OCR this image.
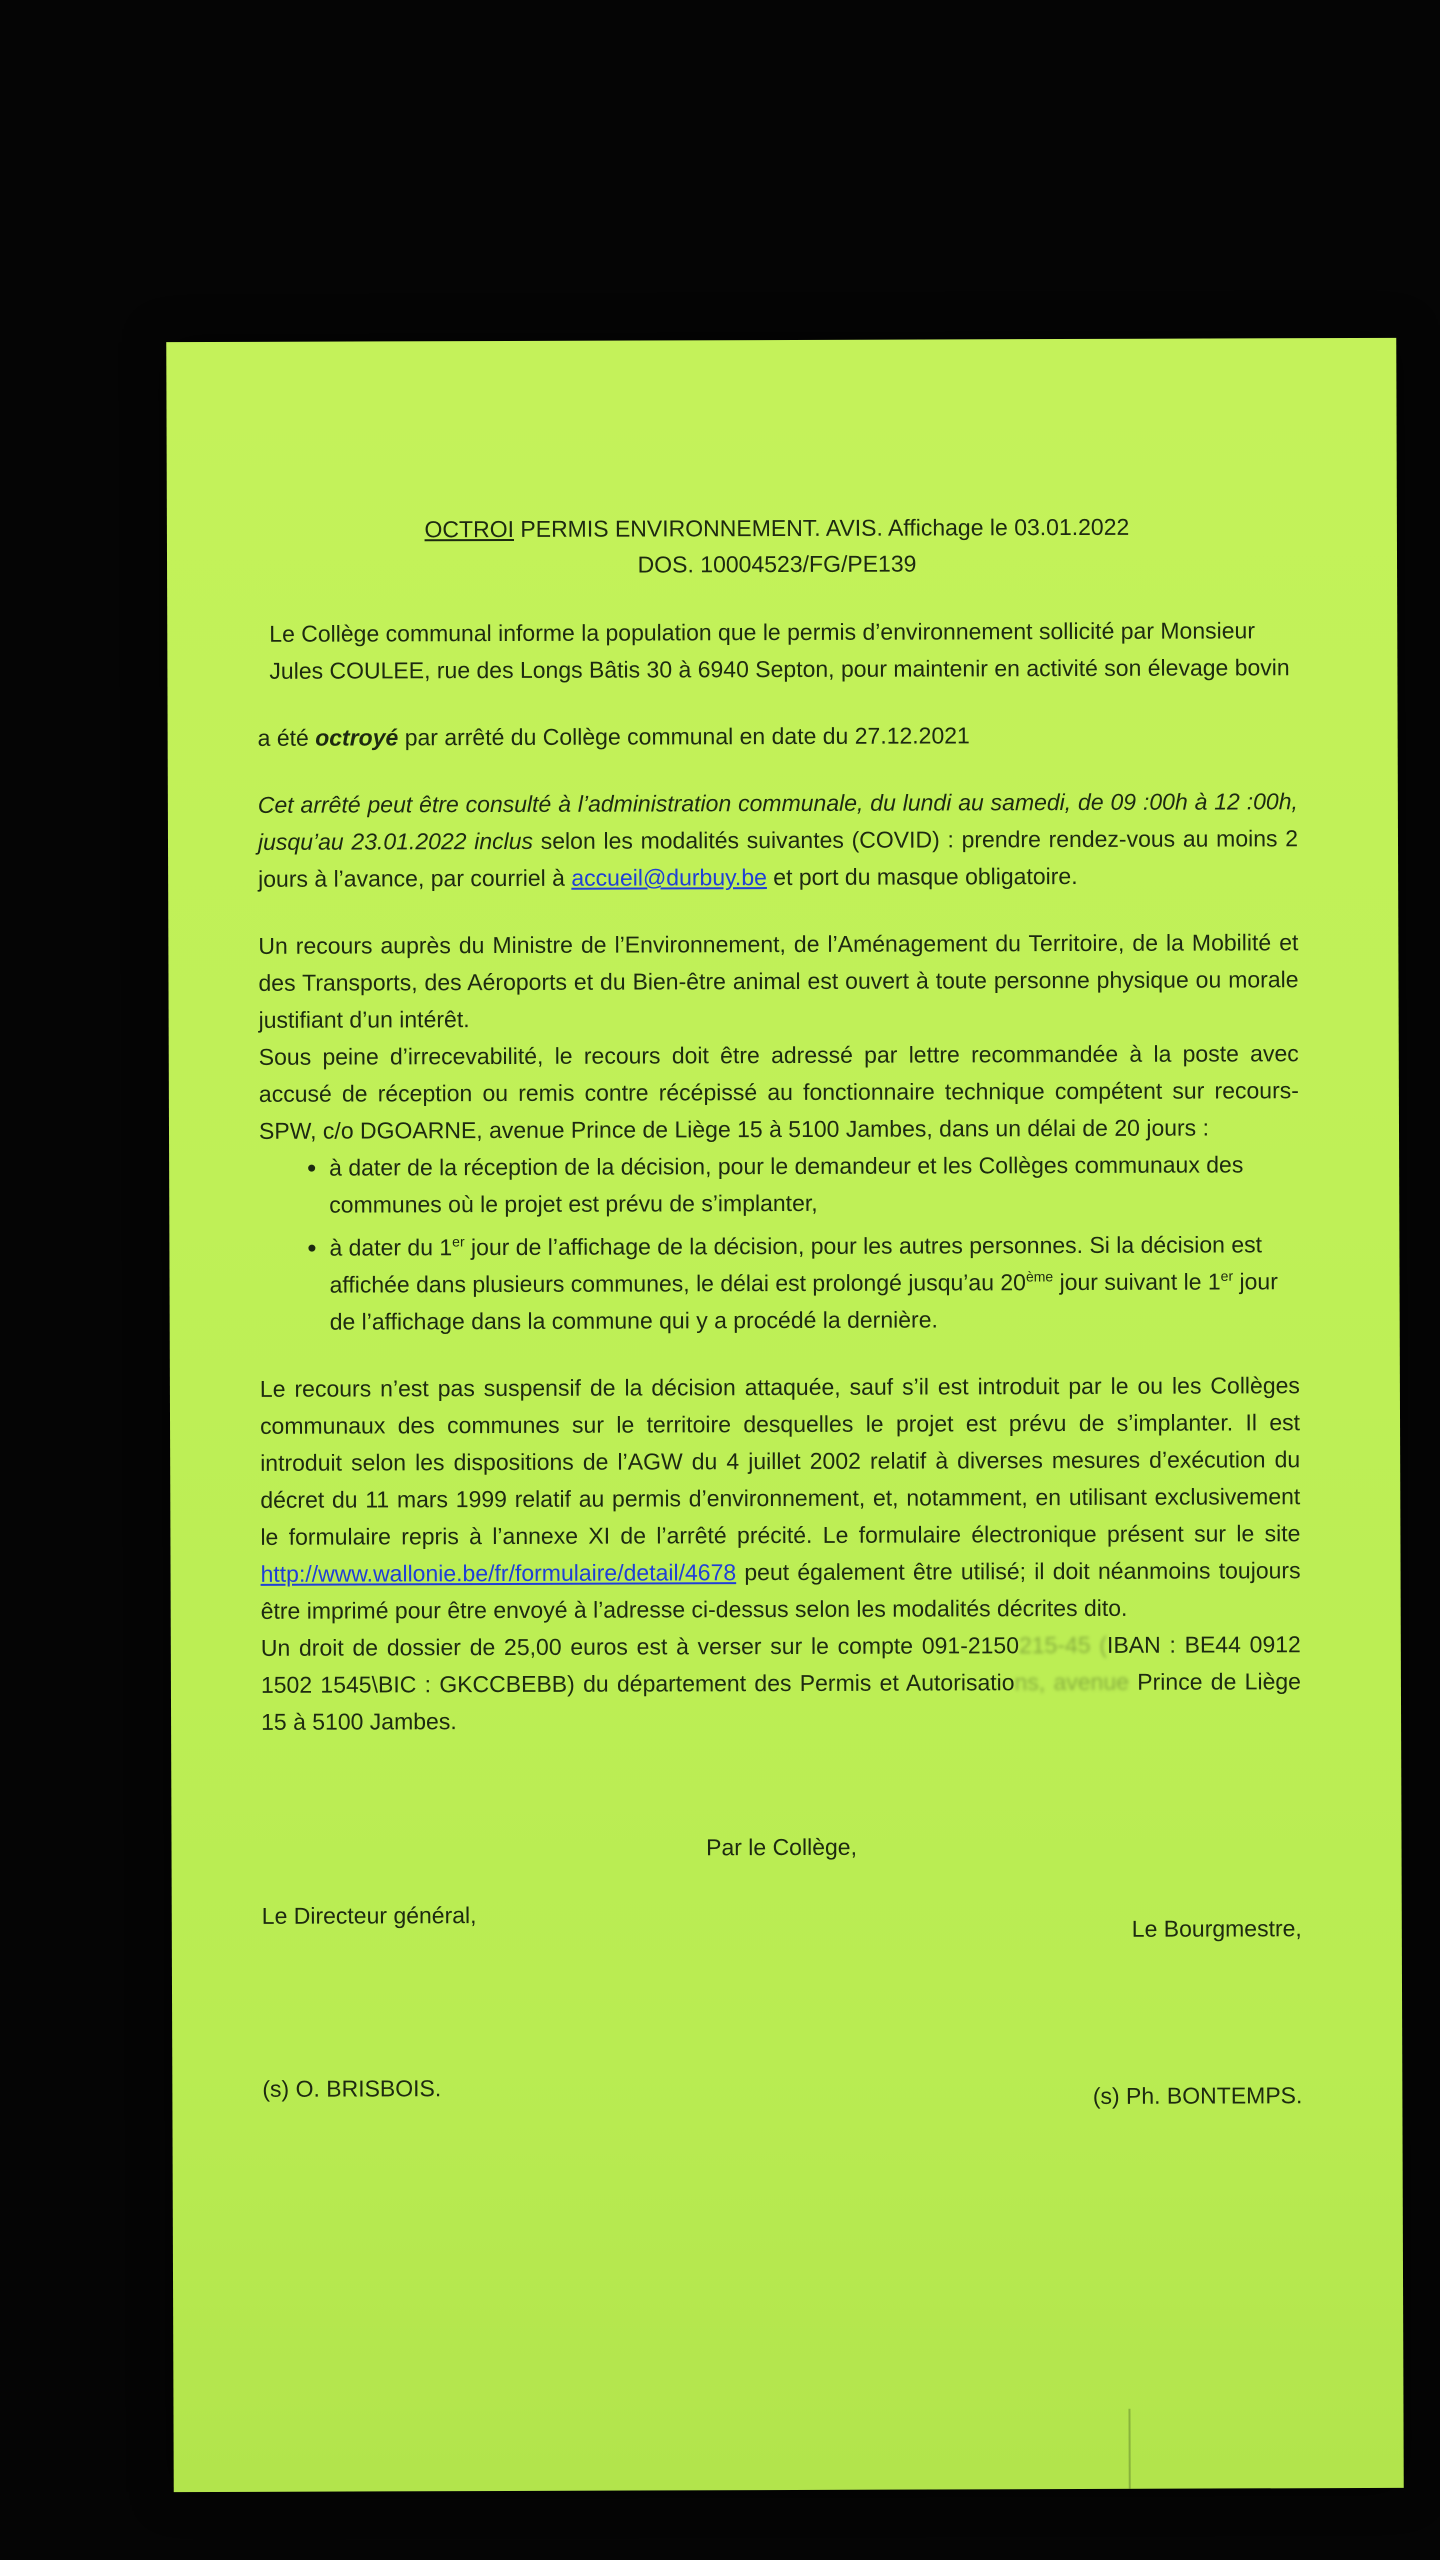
OCTROI PERMIS ENVIRONNEMENT. AVIS. Affichage le 03.01.2022
DOS. 10004523/FG/PE139

Le Collège communal informe la population que le permis d’environnement sollicité par Monsieur Jules COULEE, rue des Longs Bâtis 30 à 6940 Septon, pour maintenir en activité son élevage bovin

a été octroyé par arrêté du Collège communal en date du 27.12.2021

Cet arrêté peut être consulté à l’administration communale, du lundi au samedi, de 09 :00h à 12 :00h, jusqu’au 23.01.2022 inclus selon les modalités suivantes (COVID) : prendre rendez-vous au moins 2 jours à l’avance, par courriel à accueil@durbuy.be et port du masque obligatoire.

Un recours auprès du Ministre de l’Environnement, de l’Aménagement du Territoire, de la Mobilité et des Transports, des Aéroports et du Bien-être animal est ouvert à toute personne physique ou morale justifiant d’un intérêt.

Sous peine d’irrecevabilité, le recours doit être adressé par lettre recommandée à la poste avec accusé de réception ou remis contre récépissé au fonctionnaire technique compétent sur recours-SPW, c/o DGOARNE, avenue Prince de Liège 15 à 5100 Jambes, dans un délai de 20 jours :

• à dater de la réception de la décision, pour le demandeur et les Collèges communaux des communes où le projet est prévu de s’implanter,
• à dater du 1er jour de l’affichage de la décision, pour les autres personnes. Si la décision est affichée dans plusieurs communes, le délai est prolongé jusqu’au 20ème jour suivant le 1er jour de l’affichage dans la commune qui y a procédé la dernière.

Le recours n’est pas suspensif de la décision attaquée, sauf s’il est introduit par le ou les Collèges communaux des communes sur le territoire desquelles le projet est prévu de s’implanter. Il est introduit selon les dispositions de l’AGW du 4 juillet 2002 relatif à diverses mesures d’exécution du décret du 11 mars 1999 relatif au permis d’environnement, et, notamment, en utilisant exclusivement le formulaire repris à l’annexe XI de l’arrêté précité. Le formulaire électronique présent sur le site http://www.wallonie.be/fr/formulaire/detail/4678 peut également être utilisé; il doit néanmoins toujours être imprimé pour être envoyé à l’adresse ci-dessus selon les modalités décrites dito.

Un droit de dossier de 25,00 euros est à verser sur le compte 091-2150215-45 (IBAN : BE44 0912 1502 1545\BIC : GKCCBEBB) du département des Permis et Autorisations, avenue Prince de Liège 15 à 5100 Jambes.

Par le Collège,

Le Directeur général,	Le Bourgmestre,
(s) O. BRISBOIS.	(s) Ph. BONTEMPS.
